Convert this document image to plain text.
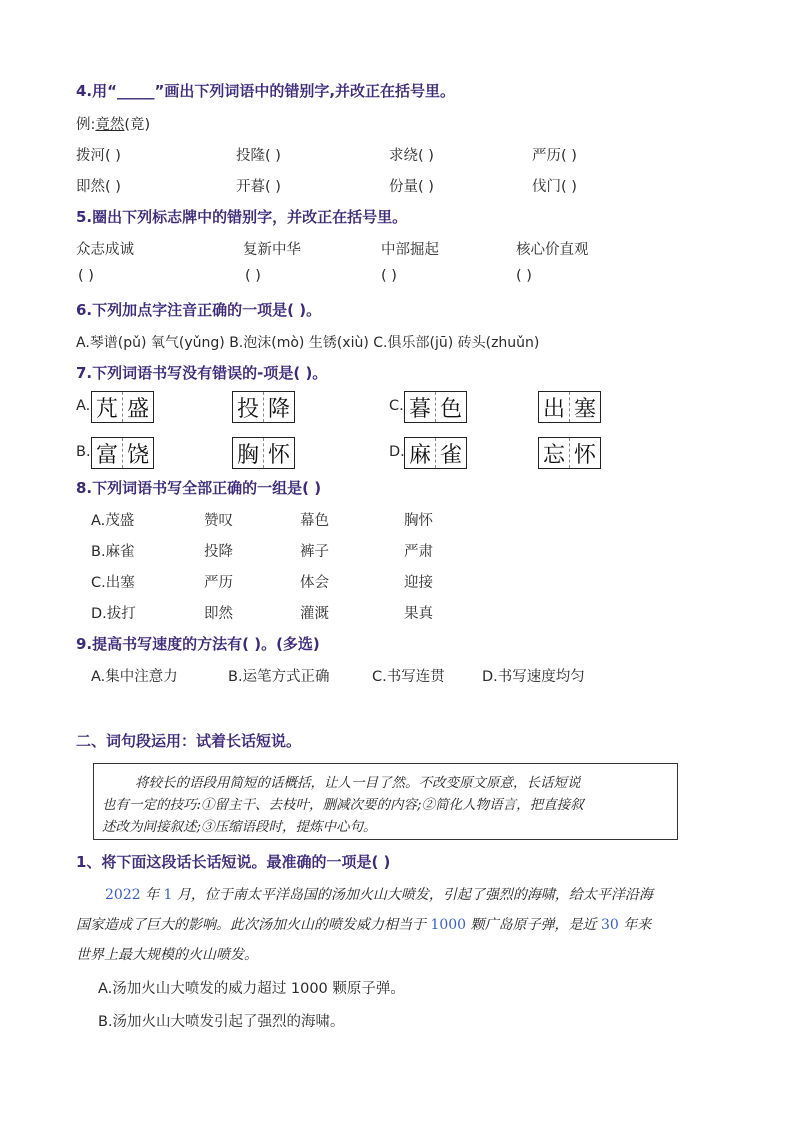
4.用“_____”画出下列词语中的错别字,并改正在括号里。
例:竟然(竟)
拨河( )	投隆( )	求绕( )	严历( )
即然( )	开暮( )	份量( )	伐门( )
5.圈出下列标志牌中的错别字，并改正在括号里。
众志成诚	复新中华	中部掘起	核心价直观
( )	( )	( )	( )
6.下列加点字注音正确的一项是( )。
A.琴谱(pǔ) 氧气(yǔng) B.泡沫(mò) 生锈(xiù) C.俱乐部(jū) 砖头(zhuǔn)
7.下列词语书写没有错误的-项是( )。
A. 芃 盛	投 降	C. 暮 色	出 塞
B. 富 饶	胸 怀	D. 麻 雀	忘 怀
8.下列词语书写全部正确的一组是( )
A.茂盛	赞叹	幕色	胸怀
B.麻雀	投降	裤子	严肃
C.出塞	严历	体会	迎接
D.拔打	即然	灌溉	果真
9.提高书写速度的方法有( )。(多选)
A.集中注意力	B.运笔方式正确	C.书写连贯	D.书写速度均匀
二、词句段运用：试着长话短说。
将较长的语段用简短的话概括，让人一目了然。不改变原文原意，长话短说
也有一定的技巧:①留主干、去枝叶，删减次要的内容;②简化人物语言，把直接叙
述改为间接叙述;③压缩语段时，提炼中心句。
1、将下面这段话长话短说。最准确的一项是( )
2022 年 1 月，位于南太平洋岛国的汤加火山大喷发，引起了强烈的海啸，给太平洋沿海
国家造成了巨大的影响。此次汤加火山的喷发威力相当于 1000 颗广岛原子弹，是近 30 年来
世界上最大规模的火山喷发。
A.汤加火山大喷发的威力超过 1000 颗原子弹。
B.汤加火山大喷发引起了强烈的海啸。
